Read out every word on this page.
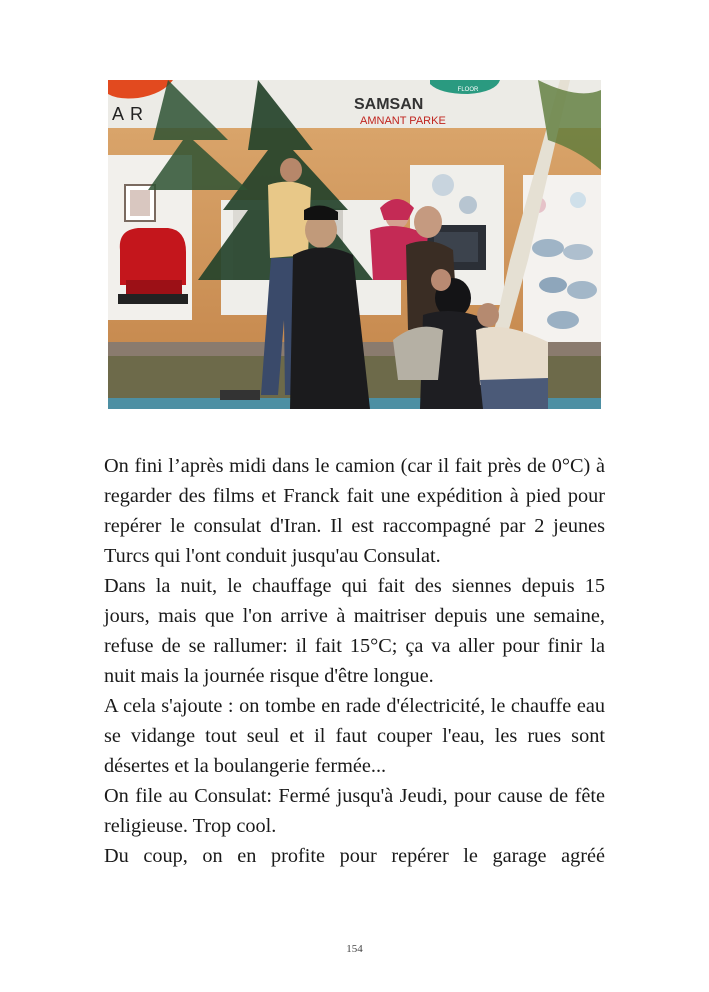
FLOOR
AR	SAMSAN
AMNANT PARKE

On fini l’après midi dans le camion (car il fait près de 0°C) à regarder des films et Franck fait une expédition à pied pour repérer le consulat d'Iran. Il est raccompagné par 2 jeunes Turcs qui l'ont conduit jusqu'au Consulat.

Dans la nuit, le chauffage qui fait des siennes depuis 15 jours, mais que l'on arrive à maitriser depuis une semaine, refuse de se rallumer: il fait 15°C; ça va aller pour finir la nuit mais la journée risque d'être longue.

A cela s'ajoute : on tombe en rade d'électricité, le chauffe eau se vidange tout seul et il faut couper l'eau, les rues sont désertes et la boulangerie fermée...

On file au Consulat: Fermé jusqu'à Jeudi, pour cause de fête religieuse. Trop cool.

Du coup, on en profite pour repérer le garage agréé

154
